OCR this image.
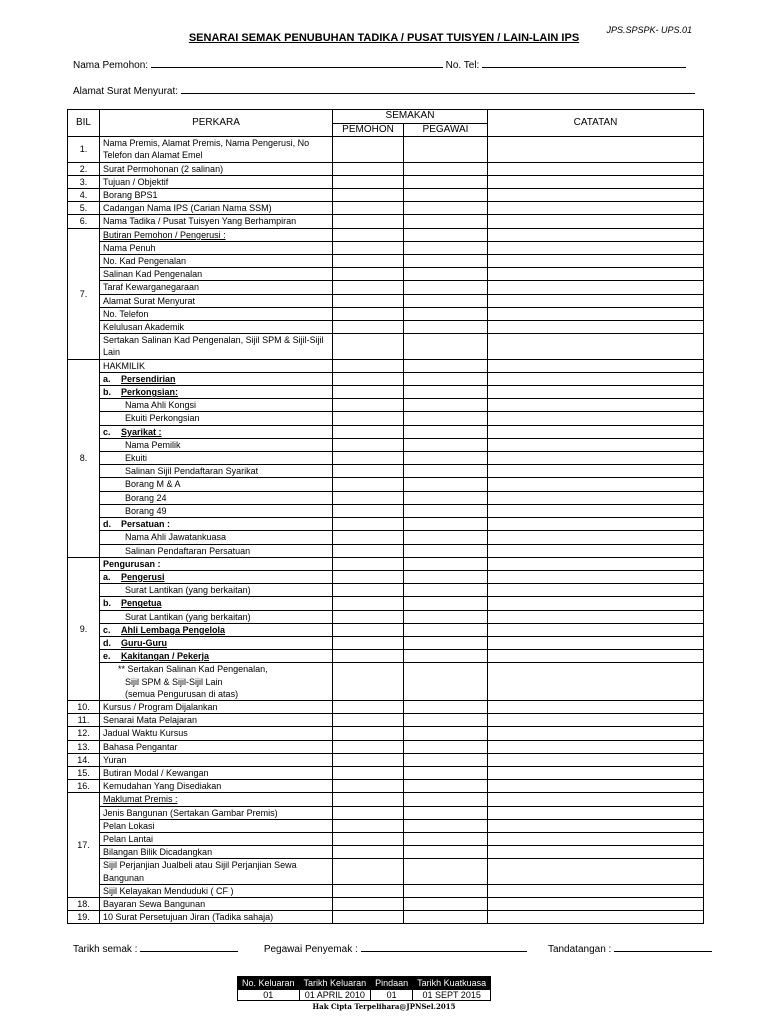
JPS.SPSPK- UPS.01
SENARAI SEMAK PENUBUHAN TADIKA / PUSAT TUISYEN / LAIN-LAIN IPS
Nama Pemohon:	No. Tel:
Alamat Surat Menyurat:
BIL	PERKARA	SEMAKAN		CATATAN
		PEMOHON	PEGAWAI	
1.	Nama Premis, Alamat Premis, Nama Pengerusi, No Telefon dan Alamat Emel			
2.	Surat Permohonan (2 salinan)			
3.	Tujuan / Objektif			
4.	Borang BPS1			
5.	Cadangan Nama IPS (Carian Nama SSM)			
6.	Nama Tadika / Pusat Tuisyen Yang Berhampiran			
7.	Butiran Pemohon / Pengerusi :			
	Nama Penuh			
	No. Kad Pengenalan			
	Salinan Kad Pengenalan			
	Taraf Kewarganegaraan			
	Alamat Surat Menyurat			
	No. Telefon			
	Kelulusan Akademik			
	Sertakan Salinan Kad Pengenalan, Sijil SPM & Sijil-Sijil Lain			
8.	HAKMILIK			
	a. Persendirian			
	b. Perkongsian:			
	Nama Ahli Kongsi			
	Ekuiti Perkongsian			
	c. Syarikat :			
	Nama Pemilik			
	Ekuiti			
	Salinan Sijil Pendaftaran Syarikat			
	Borang M & A			
	Borang 24			
	Borang 49			
	d. Persatuan :			
	Nama Ahli Jawatankuasa			
	Salinan Pendaftaran Persatuan			
9.	Pengurusan :			
	a. Pengerusi			
	Surat Lantikan (yang berkaitan)			
	b. Pengetua			
	Surat Lantikan (yang berkaitan)			
	c. Ahli Lembaga Pengelola			
	d. Guru-Guru			
	e. Kakitangan / Pekerja			
	** Sertakan Salinan Kad Pengenalan,			
	Sijil SPM & Sijil-Sijil Lain			
	(semua Pengurusan di atas)			
10.	Kursus / Program Dijalankan			
11.	Senarai Mata Pelajaran			
12.	Jadual Waktu Kursus			
13.	Bahasa Pengantar			
14.	Yuran			
15.	Butiran Modal / Kewangan			
16.	Kemudahan Yang Disediakan			
17.	Maklumat Premis :			
	Jenis Bangunan (Sertakan Gambar Premis)			
	Pelan Lokasi			
	Pelan Lantai			
	Bilangan Bilik Dicadangkan			
	Sijil Perjanjian Jualbeli atau Sijil Perjanjian Sewa Bangunan			
	Sijil Kelayakan Menduduki ( CF )			
18.	Bayaran Sewa Bangunan			
19.	10 Surat Persetujuan Jiran (Tadika sahaja)			
Tarikh semak :	Pegawai Penyemak :	Tandatangan :
No. Keluaran	Tarikh Keluaran	Pindaan	Tarikh Kuatkuasa
01	01 APRIL 2010	01	01 SEPT 2015
Hak Cipta Terpelihara@JPNSel.2015
